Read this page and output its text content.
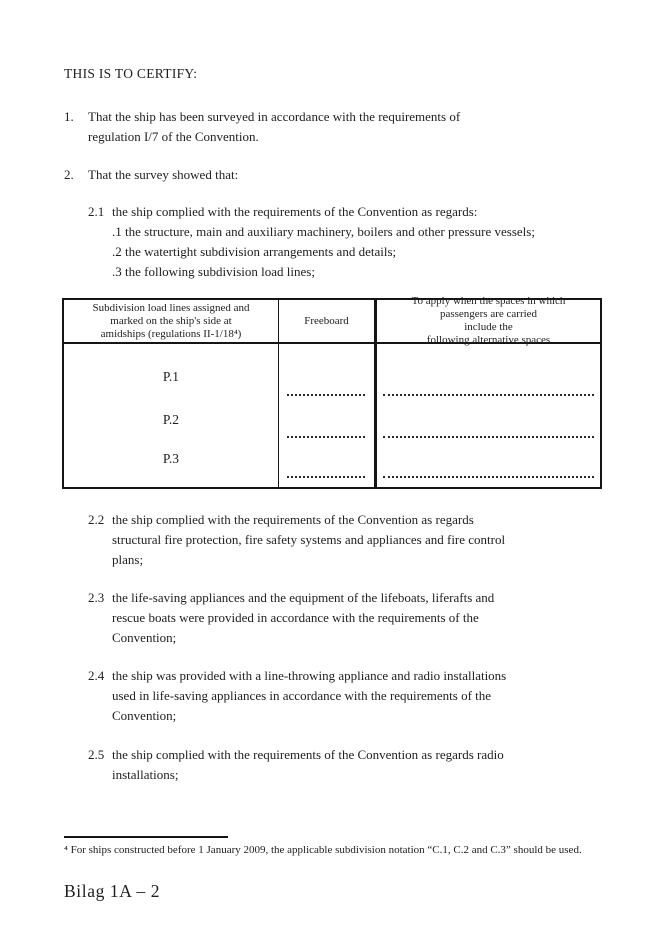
THIS IS TO CERTIFY:
1. That the ship has been surveyed in accordance with the requirements of
regulation I/7 of the Convention.
2. That the survey showed that:
2.1 the ship complied with the requirements of the Convention as regards:
.1 the structure, main and auxiliary machinery, boilers and other pressure vessels;
.2 the watertight subdivision arrangements and details;
.3 the following subdivision load lines;
Subdivision load lines assigned and
marked on the ship's side at
amidships (regulations II-1/18⁴)
Freeboard
To apply when the spaces in which
passengers are carried
include the
following alternative spaces
P.1
P.2
P.3
2.2 the ship complied with the requirements of the Convention as regards
structural fire protection, fire safety systems and appliances and fire control
plans;
2.3 the life-saving appliances and the equipment of the lifeboats, liferafts and
rescue boats were provided in accordance with the requirements of the
Convention;
2.4 the ship was provided with a line-throwing appliance and radio installations
used in life-saving appliances in accordance with the requirements of the
Convention;
2.5 the ship complied with the requirements of the Convention as regards radio
installations;
⁴ For ships constructed before 1 January 2009, the applicable subdivision notation “C.1, C.2 and C.3” should be used.
Bilag 1A – 2
